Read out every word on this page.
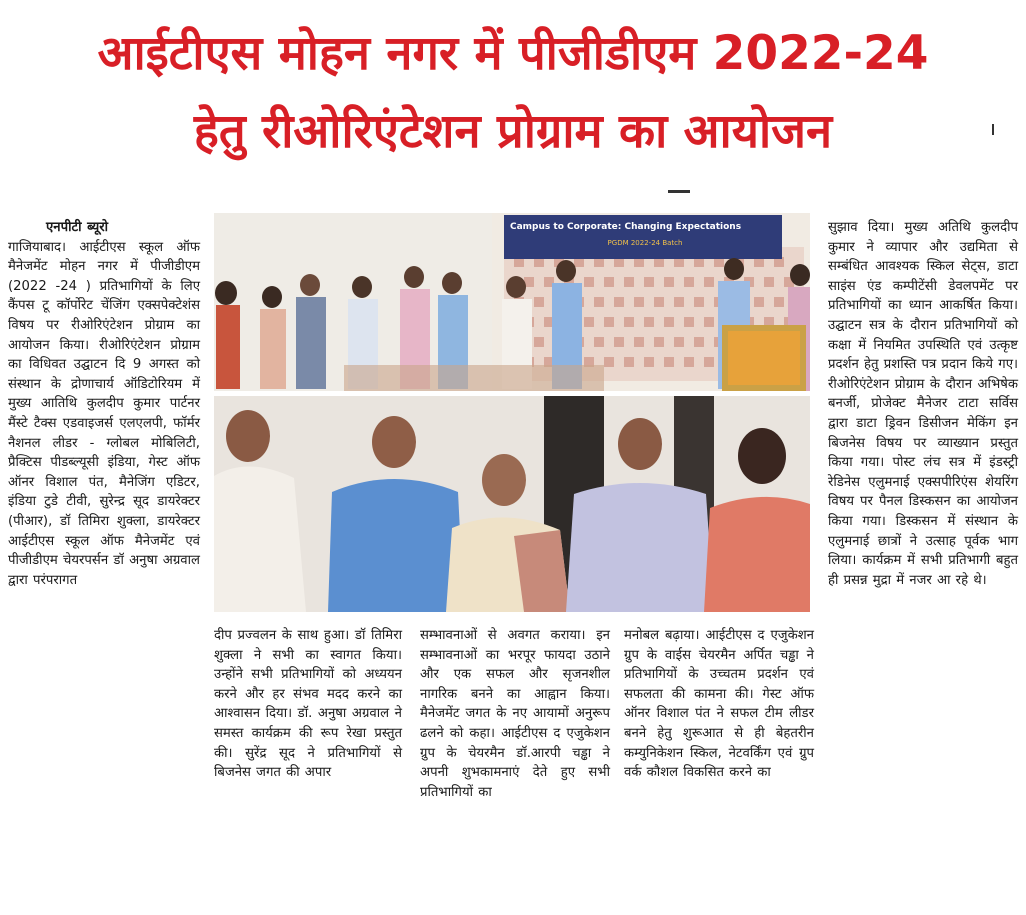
आईटीएस मोहन नगर में पीजीडीएम 2022-24
हेतु रीओरिएंटेशन प्रोग्राम का आयोजन

एनपीटी ब्यूरो

गाजियाबाद। आईटीएस स्कूल ऑफ मैनेजमेंट मोहन नगर में पीजीडीएम (2022 -24 ) प्रतिभागियों के लिए कैंपस टू कॉर्पोरेट चेंजिंग एक्सपेक्टेशंस विषय पर रीओरिएंटेशन प्रोग्राम का आयोजन किया। रीओरिएंटेशन प्रोग्राम का विधिवत उद्घाटन दि 9 अगस्त को संस्थान के द्रोणाचार्य ऑडिटोरियम में मुख्य आतिथि कुलदीप कुमार पार्टनर मैंस्टे टैक्स एडवाइजर्स एलएलपी, फॉर्मर नैशनल लीडर - ग्लोबल मोबिलिटी, प्रैक्टिस पीडब्ल्यूसी इंडिया, गेस्ट ऑफ ऑनर विशाल पंत, मैनेजिंग एडिटर, इंडिया टुडे टीवी, सुरेन्द्र सूद डायरेक्टर (पीआर), डॉ तिमिरा शुक्ला, डायरेक्टर आईटीएस स्कूल ऑफ मैनेजमेंट एवं पीजीडीएम चेयरपर्सन डॉ अनुषा अग्रवाल द्वारा परंपरागत

Campus to Corporate: Changing Expectations
PGDM 2022-24 Batch

दीप प्रज्वलन के साथ हुआ। डॉ तिमिरा शुक्ला ने सभी का स्वागत किया। उन्होंने सभी प्रतिभागियों को अध्ययन करने और हर संभव मदद करने का आश्वासन दिया। डॉ. अनुषा अग्रवाल ने समस्त कार्यक्रम की रूप रेखा प्रस्तुत की। सुरेंद्र सूद ने प्रतिभागियों से बिजनेस जगत की अपार

सम्भावनाओं से अवगत कराया। इन सम्भावनाओं का भरपूर फायदा उठाने और एक सफल और सृजनशील नागरिक बनने का आह्वान किया। मैनेजमेंट जगत के नए आयामों अनुरूप ढलने को कहा। आईटीएस द एजुकेशन ग्रुप के चेयरमैन डॉ.आरपी चड्ढा ने अपनी शुभकामनाएं देते हुए सभी प्रतिभागियों का

मनोबल बढ़ाया। आईटीएस द एजुकेशन ग्रुप के वाईस चेयरमैन अर्पित चड्ढा ने प्रतिभागियों के उच्चतम प्रदर्शन एवं सफलता की कामना की। गेस्ट ऑफ ऑनर विशाल पंत ने सफल टीम लीडर बनने हेतु शुरूआत से ही बेहतरीन कम्युनिकेशन स्किल, नेटवर्किंग एवं ग्रुप वर्क कौशल विकसित करने का

सुझाव दिया। मुख्य अतिथि कुलदीप कुमार ने व्यापार और उद्यमिता से सम्बंधित आवश्यक स्किल सेट्स, डाटा साइंस एंड कम्पीटेंसी डेवलपमेंट पर प्रतिभागियों का ध्यान आकर्षित किया। उद्घाटन सत्र के दौरान प्रतिभागियों को कक्षा में नियमित उपस्थिति एवं उत्कृष्ट प्रदर्शन हेतु प्रशस्ति पत्र प्रदान किये गए। रीओरिएंटेशन प्रोग्राम के दौरान अभिषेक बनर्जी, प्रोजेक्ट मैनेजर टाटा सर्विस द्वारा डाटा ड्रिवन डिसीजन मेकिंग इन बिजनेस विषय पर व्याख्यान प्रस्तुत किया गया। पोस्ट लंच सत्र में इंडस्ट्री रेडिनेस एलुमनाई एक्सपीरिएंस शेयरिंग विषय पर पैनल डिस्कसन का आयोजन किया गया। डिस्कसन में संस्थान के एलुमनाई छात्रों ने उत्साह पूर्वक भाग लिया। कार्यक्रम में सभी प्रतिभागी बहुत ही प्रसन्न मुद्रा में नजर आ रहे थे।
